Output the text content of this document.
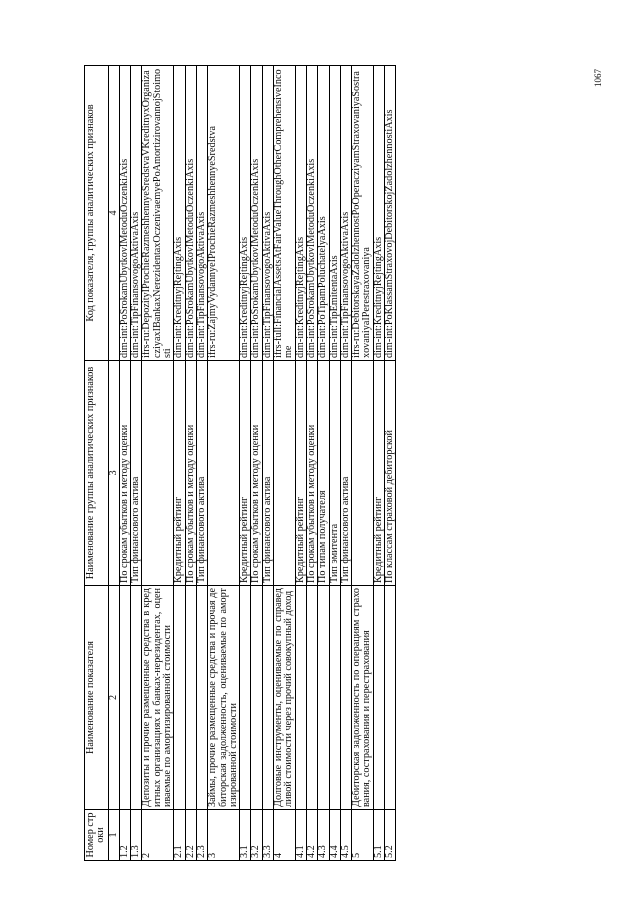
1067
Номер строки	Наименование показателя	Наименование группы аналитических признаков	Код показателя, группы аналитических признаков
1	2	3	4
1.2		По срокам убытков и методу оценки	dim-int:PoSrokamUbytkovIMetoduOczenkiAxis
1.3		Тип финансового актива	dim-int:TipFinansovogoAktivaAxis
2	Депозиты и прочие размещенные средства в кредитных организациях и банках-нерезидентах, оцениваемые по амортизированной стоимости		ifrs-ru:DepozityIProchieRazmeshhennyeSredstvaVKreditnyxOrganizacziyaxIBankaxNerezidentaxOczenivaemyePoAmortizirovannojStoimosti
2.1		Кредитный рейтинг	dim-int:KreditnyjRejtingAxis
2.2		По срокам убытков и методу оценки	dim-int:PoSrokamUbytkovIMetoduOczenkiAxis
2.3		Тип финансового актива	dim-int:TipFinansovogoAktivaAxis
3	Займы, прочие размещенные средства и прочая дебиторская задолженность, оцениваемые по амортизированной стоимости		ifrs-ru:ZajmyVydannyeIProchieRazmeshhennyeSredstva
3.1		Кредитный рейтинг	dim-int:KreditnyjRejtingAxis
3.2		По срокам убытков и методу оценки	dim-int:PoSrokamUbytkovIMetoduOczenkiAxis
3.3		Тип финансового актива	dim-int:TipFinansovogoAktivaAxis
4	Долговые инструменты, оцениваемые по справедливой стоимости через прочий совокупный доход		ifrs-full:FinancialAssetsAtFairValueThroughOtherComprehensiveIncome
4.1		Кредитный рейтинг	dim-int:KreditnyjRejtingAxis
4.2		По срокам убытков и методу оценки	dim-int:PoSrokamUbytkovIMetoduOczenkiAxis
4.3		По типам получателя	dim-int:PoTipamPoluchatelyaAxis
4.4		Тип эмитента	dim-int:TipEmitentaAxis
4.5		Тип финансового актива	dim-int:TipFinansovogoAktivaAxis
5	Дебиторская задолженность по операциям страхования, сострахования и перестрахования		ifrs-ru:DebitorskayaZadolzhennostPoOperacziyamStraxovaniyaSostraxovaniyaIPerestraxovaniya
5.1		Кредитный рейтинг	dim-int:KreditnyjRejtingAxis
5.2		По классам страховой дебиторской	dim-int:PoKlassamStraxovojDebitorskojZadolzhennostiAxis
